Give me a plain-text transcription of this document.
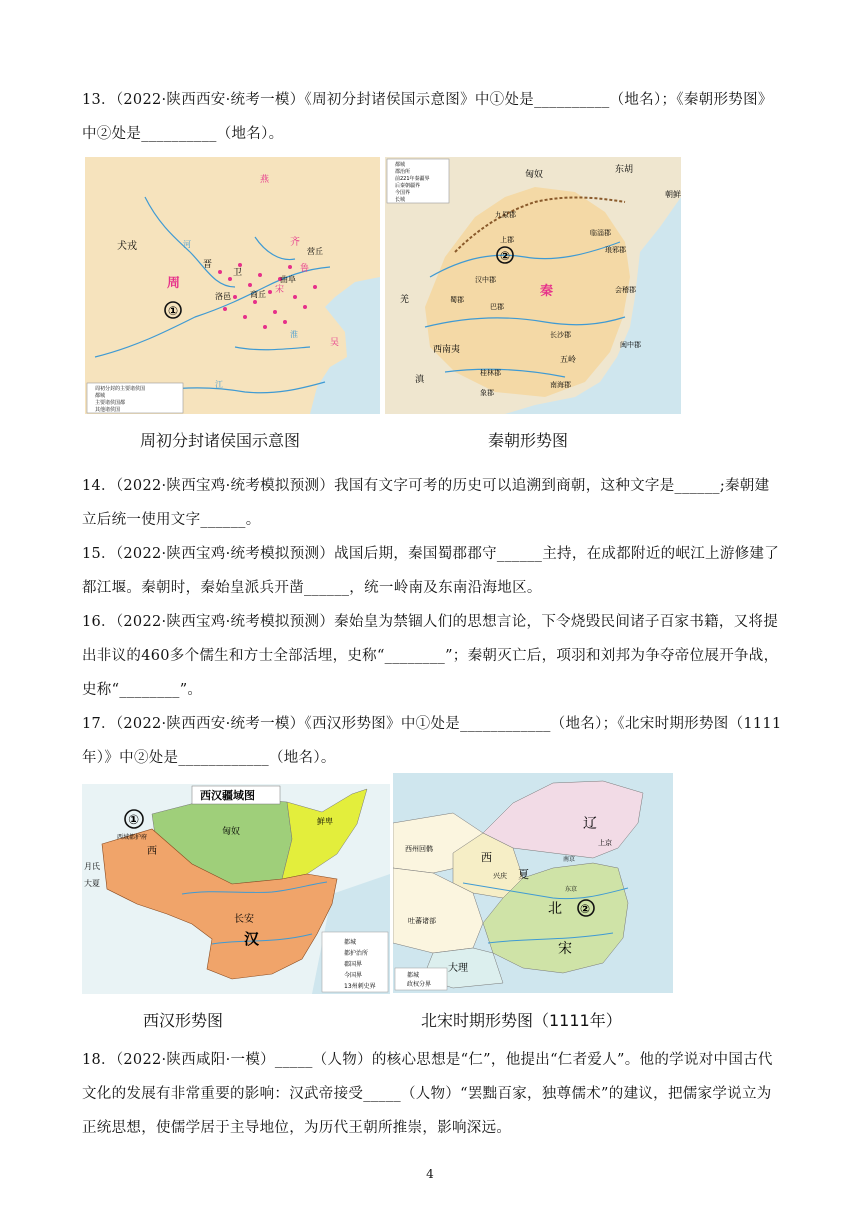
13．（2022·陕西西安·统考一模）《周初分封诸侯国示意图》中①处是__________（地名）；《秦朝形势图》
中②处是__________（地名）。
犬戎
燕
齐
营丘
周
卫
晋
洛邑 商丘 宋
曲阜
鲁
吴
河
淮
江
①
周初分封的主要诸侯国
都城
主要诸侯国都
其他诸侯国
周初分封诸侯国示意图
匈奴	东胡
朝鲜
九原郡
上郡
临淄郡
琅邪郡
汉中郡
秦
蜀郡
巴郡
会稽郡
长沙郡
闽中郡
五岭
桂林郡
南海郡
象郡
西南夷
羌
滇
②
都城
郡治所
前221年秦疆界
后秦朝疆界
今国界
长城
秦朝形势图
14．（2022·陕西宝鸡·统考模拟预测）我国有文字可考的历史可以追溯到商朝，这种文字是______;秦朝建
立后统一使用文字______。
15．（2022·陕西宝鸡·统考模拟预测）战国后期，秦国蜀郡郡守______主持，在成都附近的岷江上游修建了
都江堰。秦朝时，秦始皇派兵开凿______，统一岭南及东南沿海地区。
16．（2022·陕西宝鸡·统考模拟预测）秦始皇为禁锢人们的思想言论，下令烧毁民间诸子百家书籍，又将提
出非议的460多个儒生和方士全部活埋，史称“________”；秦朝灭亡后，项羽和刘邦为争夺帝位展开争战，
史称“________”。
17．（2022·陕西西安·统考一模）《西汉形势图》中①处是____________（地名）；《北宋时期形势图（1111
年）》中②处是____________（地名）。
西汉疆域图
①
西域都护府
西
匈奴
鲜卑
长安
汉
月氏
大夏
都城
都护治所
郡国界
今国界
13州刺史界
西汉形势图
辽
上京
西州回鹘
西
兴庆 夏
南京
东京
北
宋
吐蕃诸部
大理
②
都城
政权分界
北宋时期形势图（1111年）
18．（2022·陕西咸阳·一模）_____（人物）的核心思想是“仁”，他提出“仁者爱人”。他的学说对中国古代
文化的发展有非常重要的影响：汉武帝接受_____（人物）“罢黜百家，独尊儒术”的建议，把儒家学说立为
正统思想，使儒学居于主导地位，为历代王朝所推崇，影响深远。
4
